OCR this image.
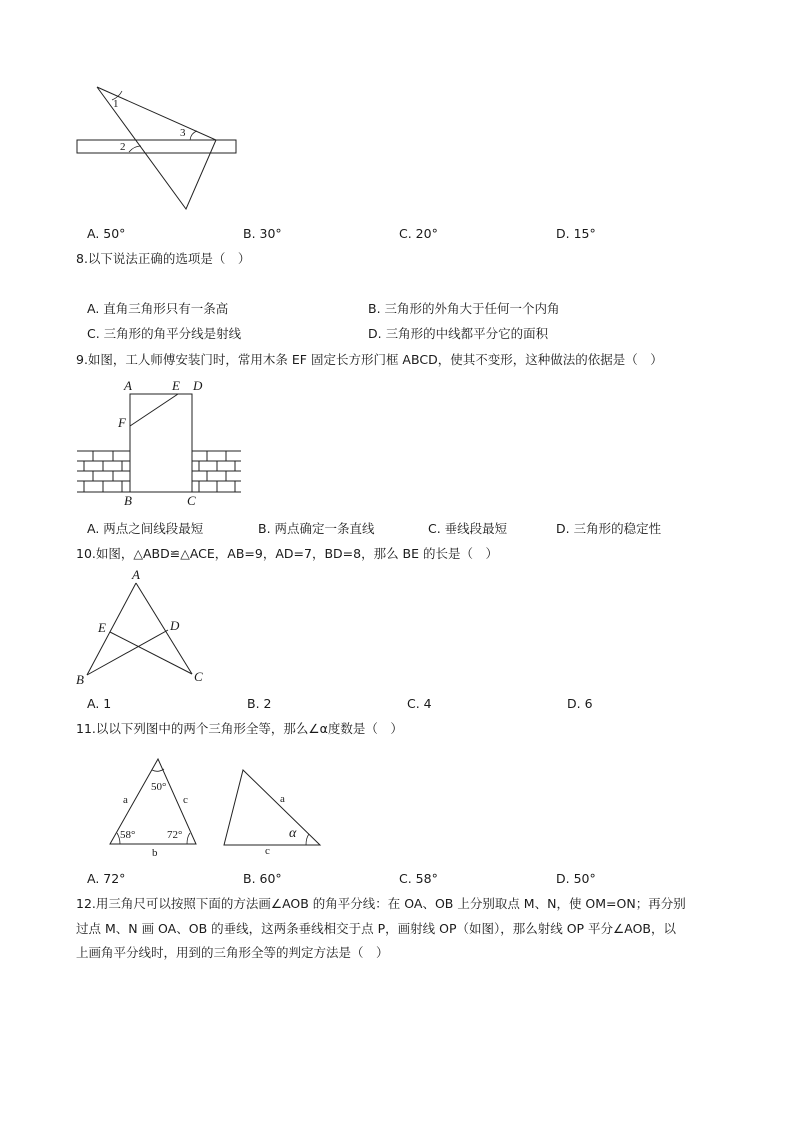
1
2
3
A. 50°	B. 30°	C. 20°	D. 15°
8.以下说法正确的选项是（　）
A. 直角三角形只有一条高	B. 三角形的外角大于任何一个内角
C. 三角形的角平分线是射线	D. 三角形的中线都平分它的面积
9.如图，工人师傅安装门时，常用木条 EF 固定长方形门框 ABCD，使其不变形，这种做法的依据是（　）
A	E D
F
B	C
A. 两点之间线段最短	B. 两点确定一条直线	C. 垂线段最短	D. 三角形的稳定性
10.如图，△ABD≌△ACE，AB=9，AD=7，BD=8，那么 BE 的长是（　）
A
E	D
B	C
A. 1	B. 2	C. 4	D. 6
11.以以下列图中的两个三角形全等，那么∠α度数是（　）
50°
58°	72°
a	c
b
a
c
α
A. 72°	B. 60°	C. 58°	D. 50°
12.用三角尺可以按照下面的方法画∠AOB 的角平分线：在 OA、OB 上分别取点 M、N，使 OM=ON；再分别
过点 M、N 画 OA、OB 的垂线，这两条垂线相交于点 P，画射线 OP（如图），那么射线 OP 平分∠AOB，以
上画角平分线时，用到的三角形全等的判定方法是（　）
